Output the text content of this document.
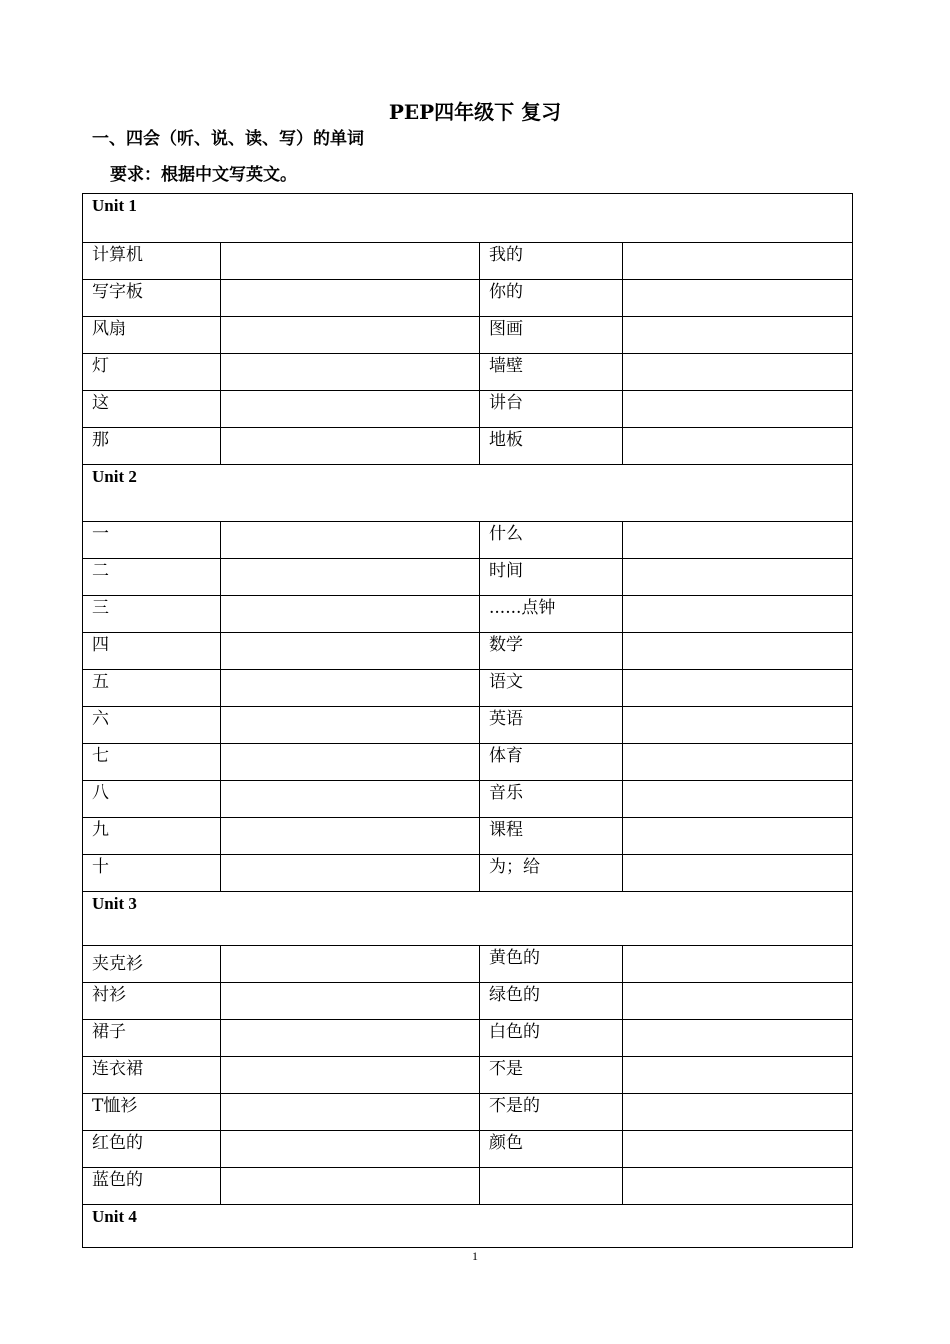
PEP四年级下 复习
一、四会（听、说、读、写）的单词
要求：根据中文写英文。
Unit 1			
计算机		我的	
写字板		你的	
风扇		图画	
灯		墙壁	
这		讲台	
那		地板	
Unit 2			
一		什么	
二		时间	
三		......点钟	
四		数学	
五		语文	
六		英语	
七		体育	
八		音乐	
九		课程	
十		为；给	
Unit 3			
夹克衫		黄色的	
衬衫		绿色的	
裙子		白色的	
连衣裙		不是	
T恤衫		不是的	
红色的		颜色	
蓝色的			
Unit 4			
1
